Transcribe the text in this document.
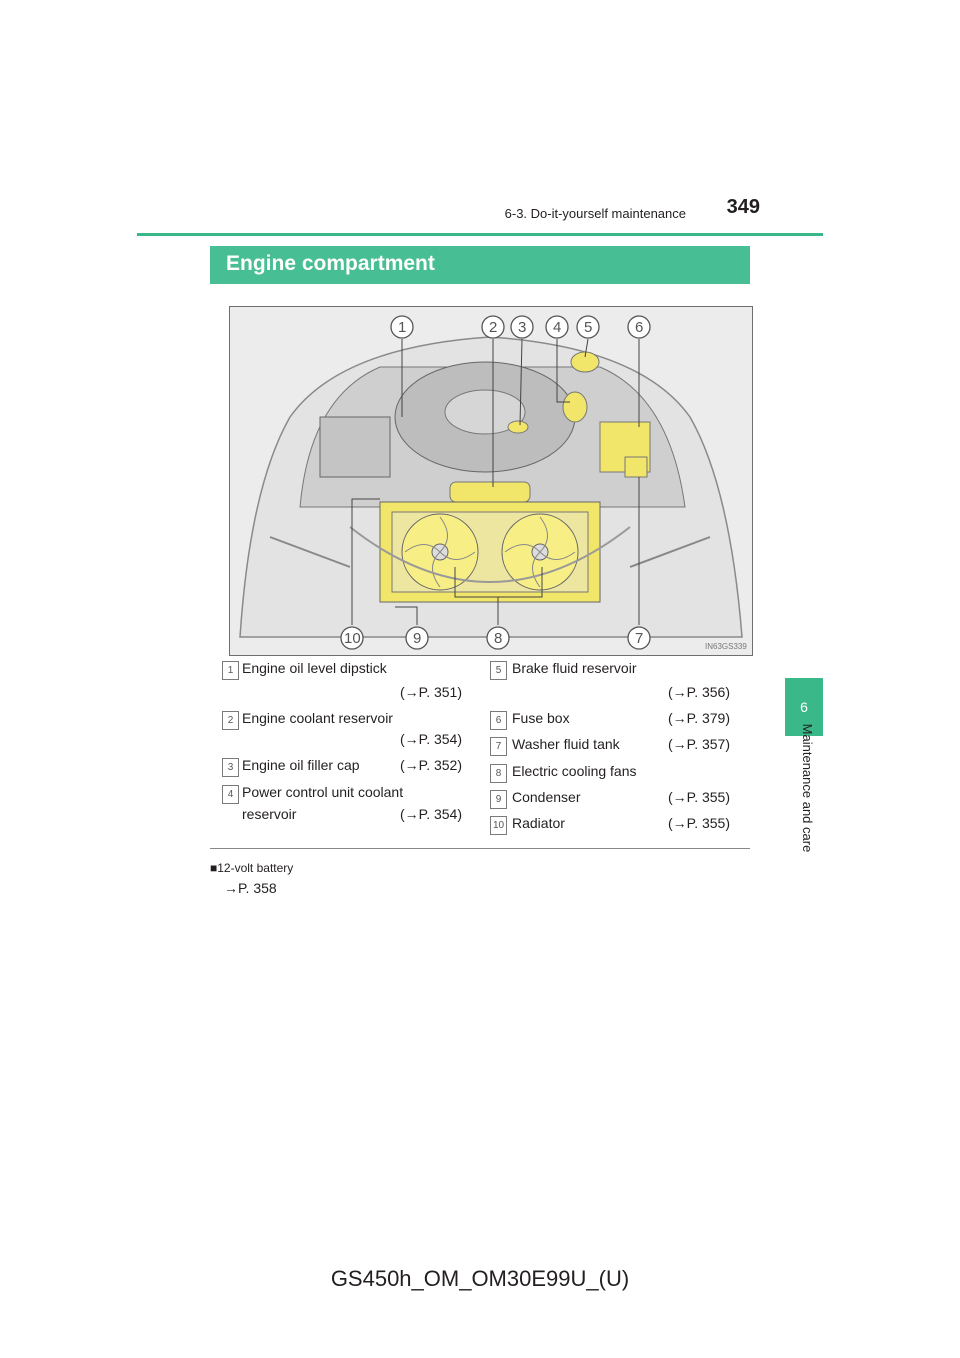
6-3. Do-it-yourself maintenance	349
6
Maintenance and care
Engine compartment
IN63GS339
1	2 3 4 5	6
10	9	8	7
1 Engine oil level dipstick
(→P. 351)
2 Engine coolant reservoir
(→P. 354)
3 Engine oil filler cap	(→P. 352)
4 Power control unit coolant
reservoir	(→P. 354)
5 Brake fluid reservoir
(→P. 356)
6 Fuse box	(→P. 379)
7 Washer fluid tank	(→P. 357)
8 Electric cooling fans
9 Condenser	(→P. 355)
10 Radiator	(→P. 355)
■12-volt battery
→P. 358
GS450h_OM_OM30E99U_(U)
